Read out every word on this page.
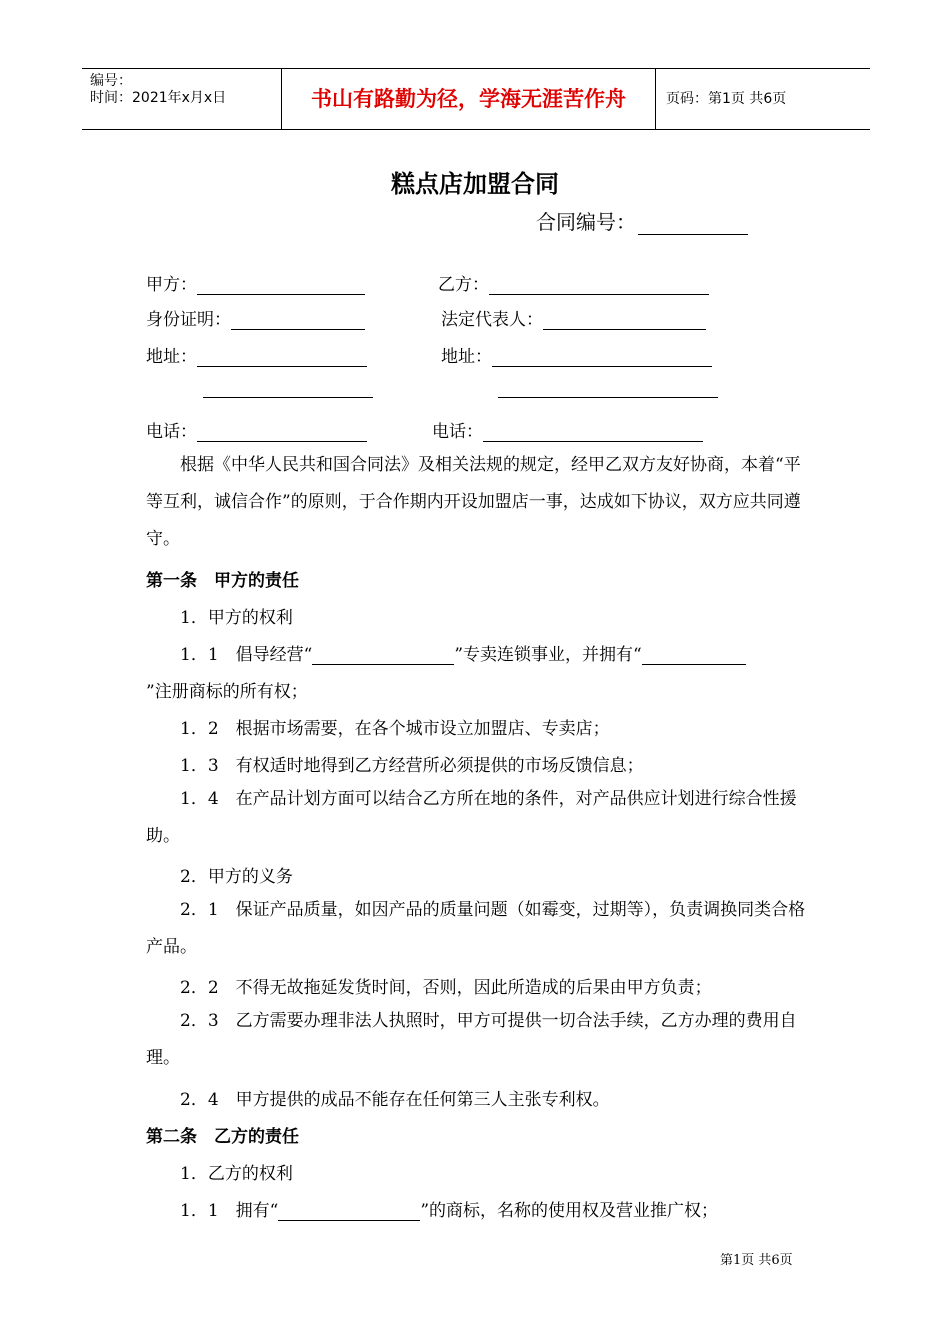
编号：
时间：2021年x月x日	书山有路勤为径，学海无涯苦作舟	页码：第1页 共6页
糕点店加盟合同
合同编号：
甲方：	乙方：
身份证明：	法定代表人：
地址：	地址：
电话：	电话：
根据《中华人民共和国合同法》及相关法规的规定，经甲乙双方友好协商，本着“平等互利，诚信合作”的原则，于合作期内开设加盟店一事，达成如下协议，双方应共同遵守。
第一条　甲方的责任
1．甲方的权利
1．1　倡导经营“	”专卖连锁事业，并拥有“
”注册商标的所有权；
1．2　根据市场需要，在各个城市设立加盟店、专卖店；
1．3　有权适时地得到乙方经营所必须提供的市场反馈信息；
1．4　在产品计划方面可以结合乙方所在地的条件，对产品供应计划进行综合性援助。
2．甲方的义务
2．1　保证产品质量，如因产品的质量问题（如霉变，过期等），负责调换同类合格产品。
2．2　不得无故拖延发货时间，否则，因此所造成的后果由甲方负责；
2．3　乙方需要办理非法人执照时，甲方可提供一切合法手续，乙方办理的费用自理。
2．4　甲方提供的成品不能存在任何第三人主张专利权。
第二条　乙方的责任
1．乙方的权利
1．1　拥有“	”的商标，名称的使用权及营业推广权；
第1页 共6页
